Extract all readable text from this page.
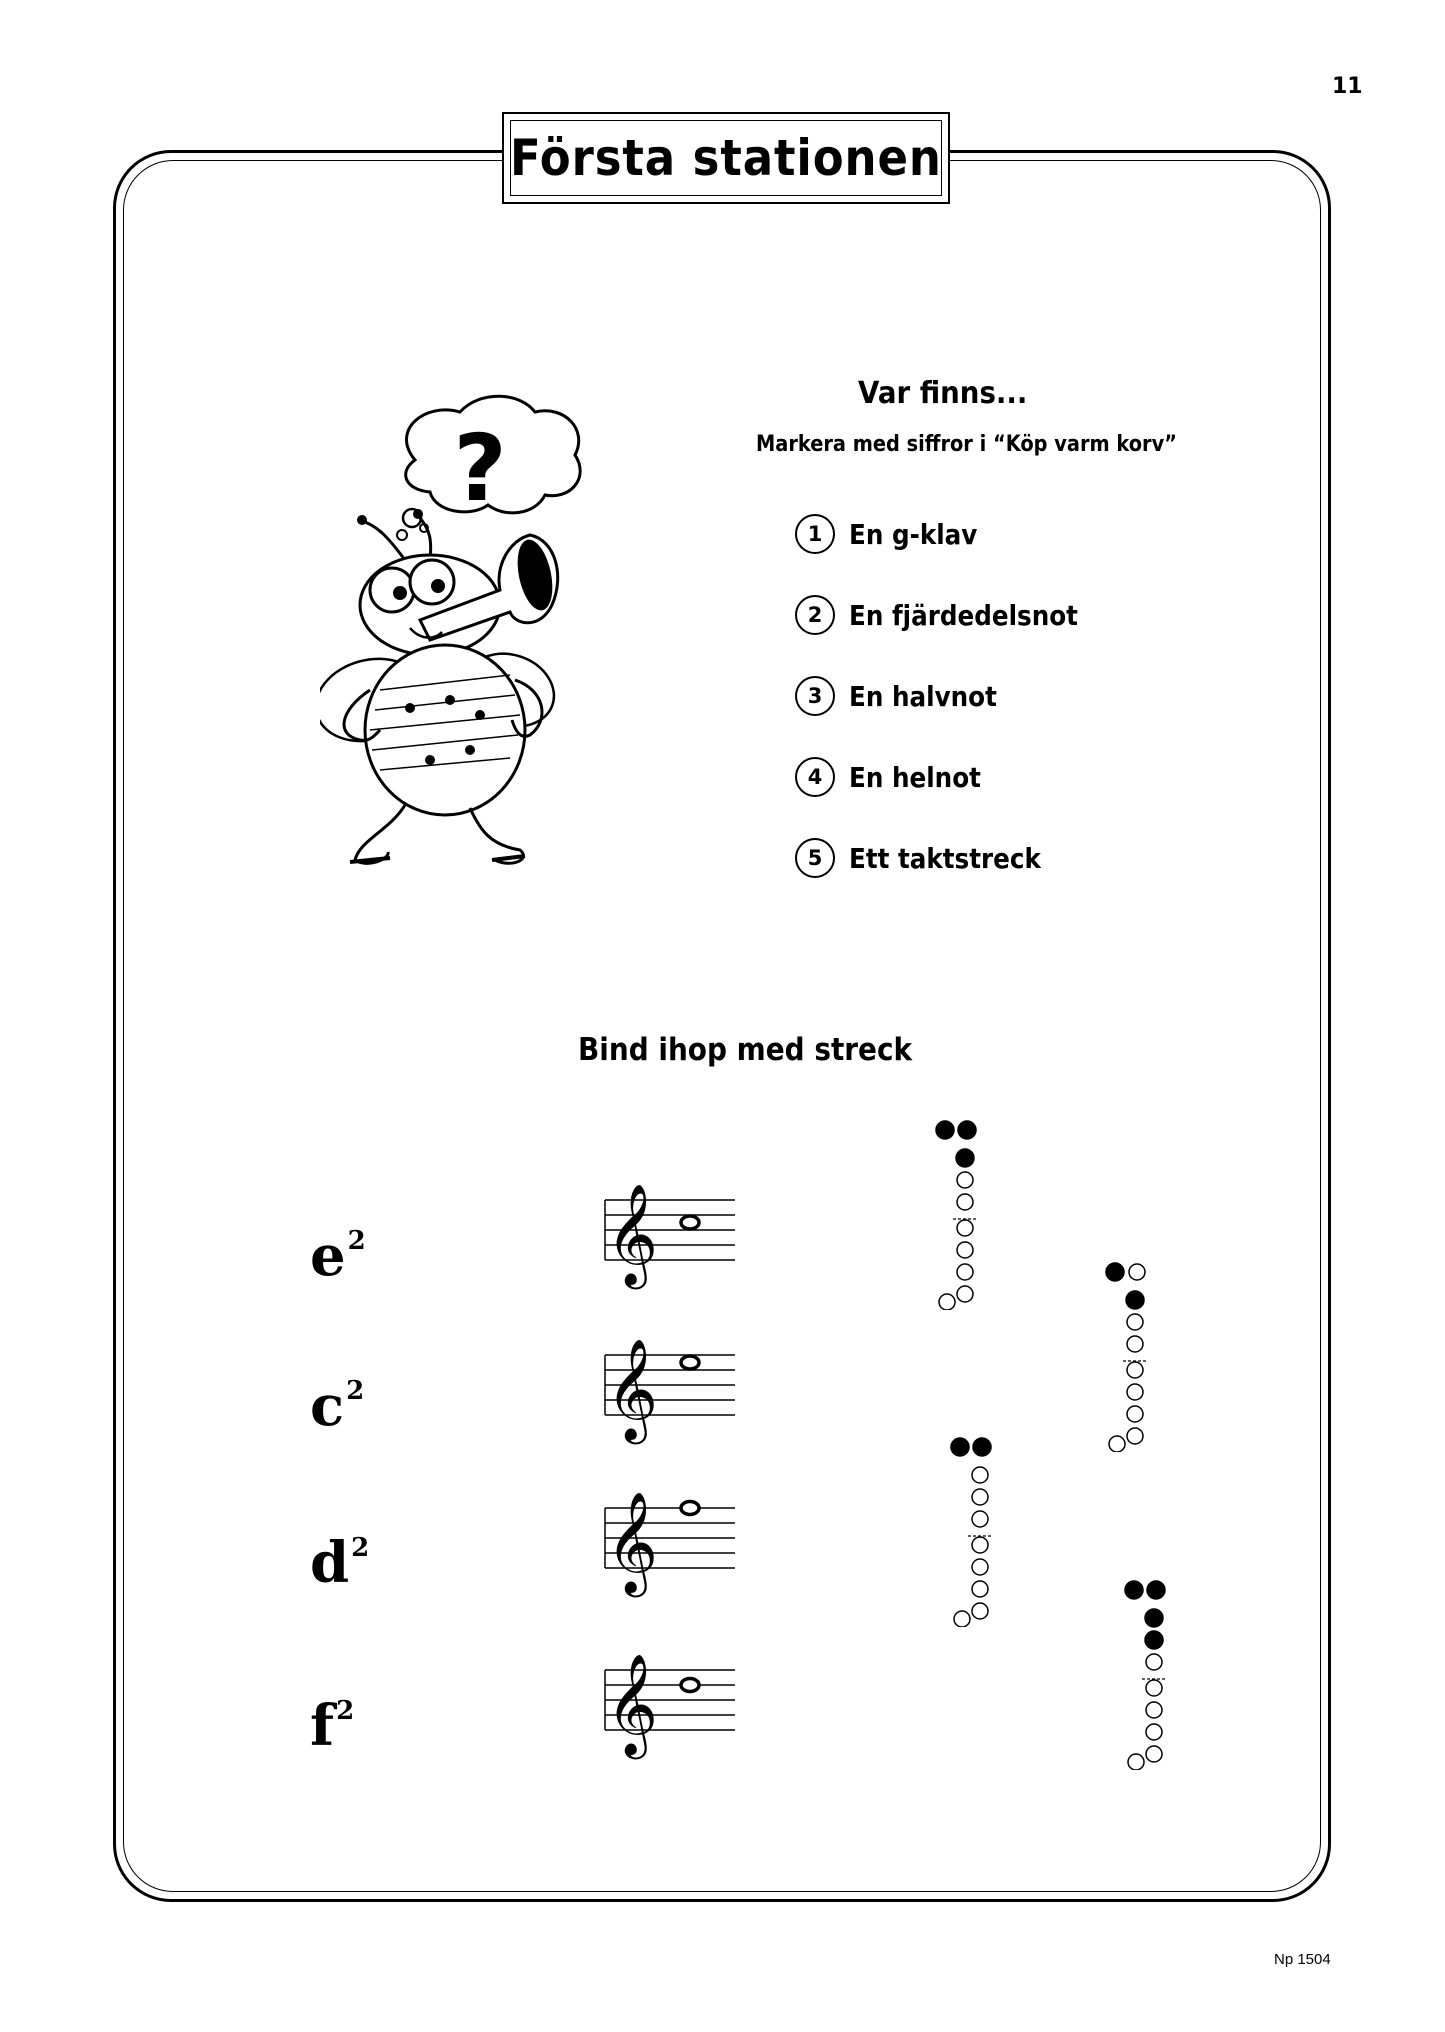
11
Första stationen
?
Var finns...
Markera med siffror i “Köp varm korv”
1 En g-klav
2 En fjärdedelsnot
3 En halvnot
4 En helnot
5 Ett taktstreck
Bind ihop med streck
$e^2$
$c^2$
$d^2$
$f^2$
𝄞
𝄞
𝄞
𝄞
Np 1504
